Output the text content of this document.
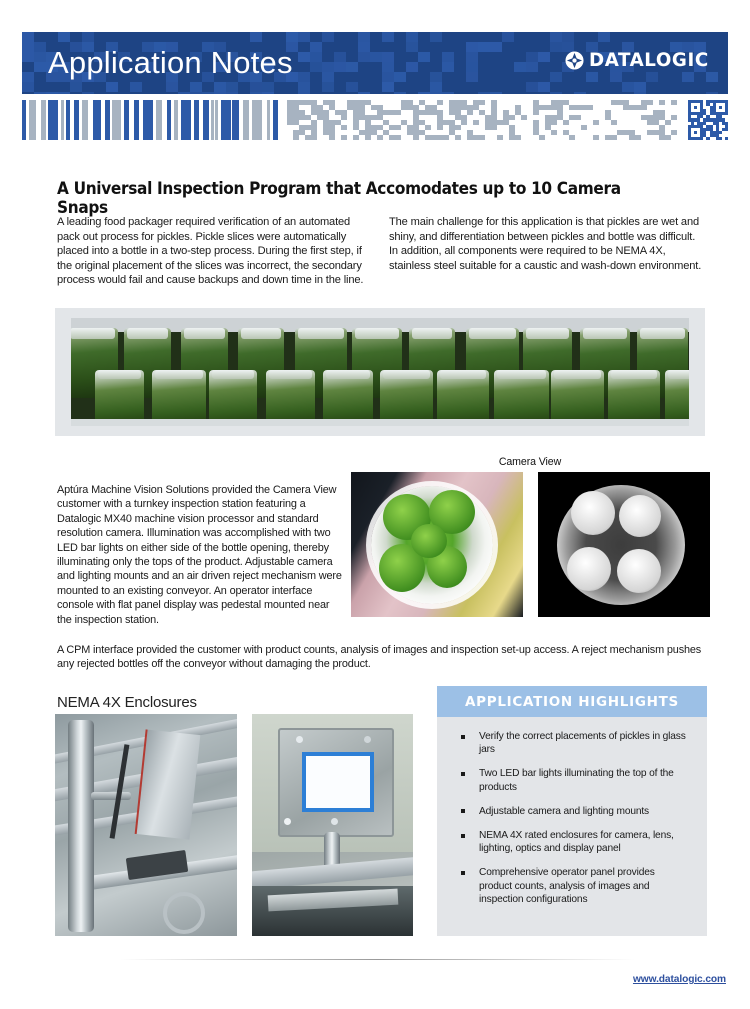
Application Notes	DATALOGIC
A Universal Inspection Program that Accomodates up to 10 Camera Snaps

A leading food packager required verification of an automated pack out process for pickles. Pickle slices were automatically placed into a bottle in a two-step process. During the first step, if the original placement of the slices was incorrect, the secondary process would fail and cause backups and down time in the line.

The main challenge for this application is that pickles are wet and shiny, and differentiation between pickles and bottle was difficult. In addition, all components were required to be NEMA 4X, stainless steel suitable for a caustic and wash-down environment.

Camera View

Aptúra Machine Vision Solutions provided the Camera View customer with a turnkey inspection station featuring a Datalogic MX40 machine vision processor and standard resolution camera. Illumination was accomplished with two LED bar lights on either side of the bottle opening, thereby illuminating only the tops of the product. Adjustable camera and lighting mounts and an air driven reject mechanism were mounted to an existing conveyor. An operator interface console with flat panel display was pedestal mounted near the inspection station.

A CPM interface provided the customer with product counts, analysis of images and inspection set-up access. A reject mechanism pushes any rejected bottles off the conveyor without damaging the product.

NEMA 4X Enclosures	APPLICATION HIGHLIGHTS
Verify the correct placements of pickles in glass jars
Two LED bar lights illuminating the top of the products
Adjustable camera and lighting mounts
NEMA 4X rated enclosures for camera, lens, lighting, optics and display panel
Comprehensive operator panel provides product counts, analysis of images and inspection configurations
www.datalogic.com
